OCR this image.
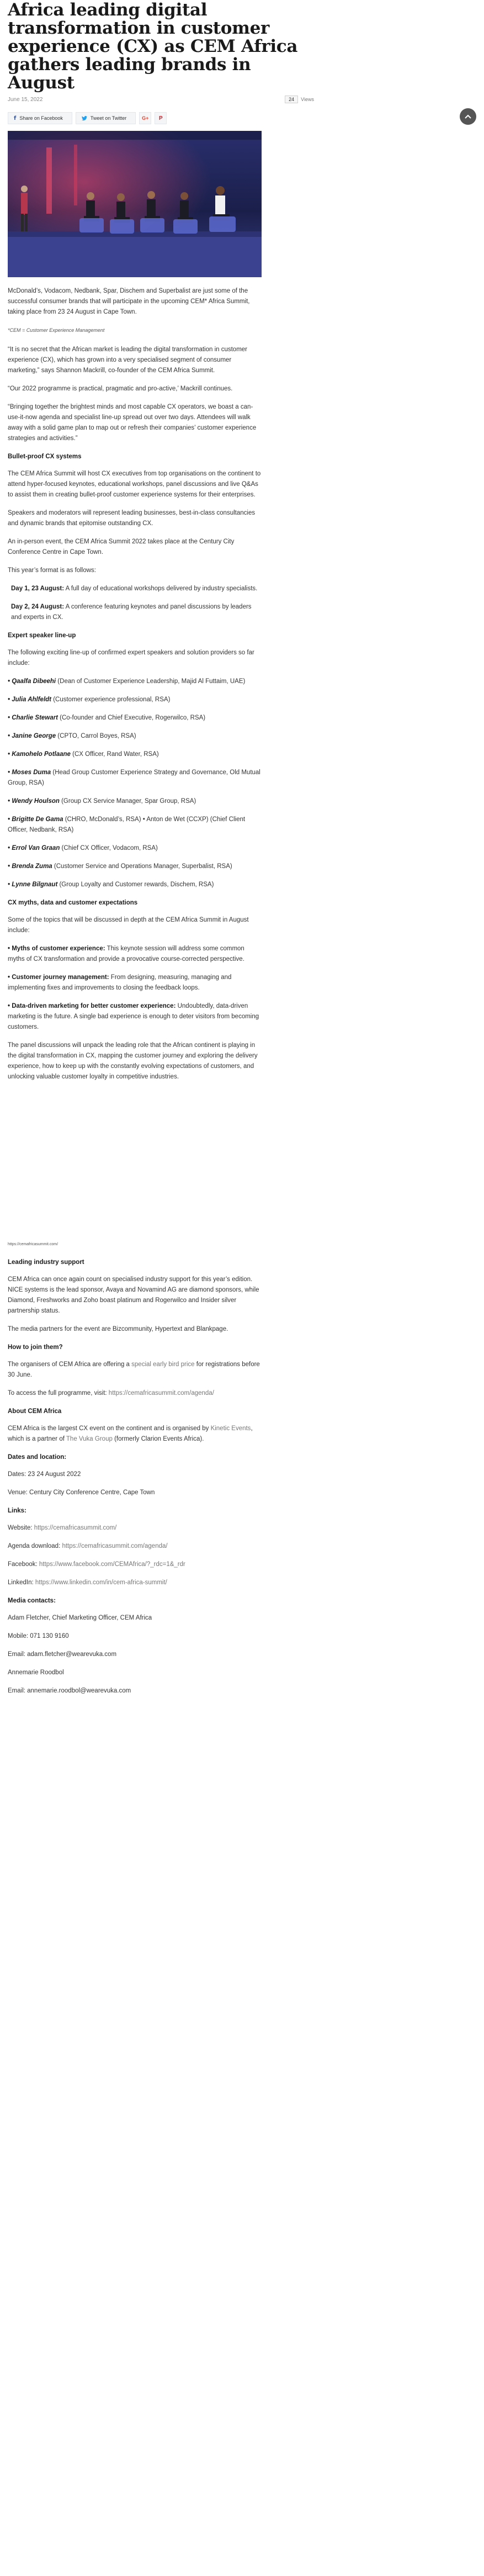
Africa leading digital transformation in customer experience (CX) as CEM Africa gathers leading brands in August
June 15, 2022	24	Views
f Share on Facebook	Tweet on Twitter	G+ P

McDonald’s, Vodacom, Nedbank, Spar, Dischem and Superbalist are just some of the successful consumer brands that will participate in the upcoming CEM* Africa Summit, taking place from 23 24 August in Cape Town.

*CEM = Customer Experience Management

“It is no secret that the African market is leading the digital transformation in customer experience (CX), which has grown into a very specialised segment of consumer marketing,” says Shannon Mackrill, co-founder of the CEM Africa Summit.

“Our 2022 programme is practical, pragmatic and pro-active,’ Mackrill continues.

“Bringing together the brightest minds and most capable CX operators, we boast a can-use-it-now agenda and specialist line-up spread out over two days. Attendees will walk away with a solid game plan to map out or refresh their companies’ customer experience strategies and activities.”

Bullet-proof CX systems

The CEM Africa Summit will host CX executives from top organisations on the continent to attend hyper-focused keynotes, educational workshops, panel discussions and live Q&As to assist them in creating bullet-proof customer experience systems for their enterprises.

Speakers and moderators will represent leading businesses, best-in-class consultancies and dynamic brands that epitomise outstanding CX.

An in-person event, the CEM Africa Summit 2022 takes place at the Century City Conference Centre in Cape Town.

This year’s format is as follows:

Day 1, 23 August: A full day of educational workshops delivered by industry specialists.

Day 2, 24 August: A conference featuring keynotes and panel discussions by leaders and experts in CX.

Expert speaker line-up

The following exciting line-up of confirmed expert speakers and solution providers so far include:

• Qaalfa Dibeehi (Dean of Customer Experience Leadership, Majid Al Futtaim, UAE)

• Julia Ahlfeldt (Customer experience professional, RSA)

• Charlie Stewart (Co-founder and Chief Executive, Rogerwilco, RSA)

• Janine George (CPTO, Carrol Boyes, RSA)

• Kamohelo Potlaane (CX Officer, Rand Water, RSA)

• Moses Duma (Head Group Customer Experience Strategy and Governance, Old Mutual Group, RSA)

• Wendy Houlson (Group CX Service Manager, Spar Group, RSA)

• Brigitte De Gama (CHRO, McDonald’s, RSA) • Anton de Wet (CCXP) (Chief Client Officer, Nedbank, RSA)

• Errol Van Graan (Chief CX Officer, Vodacom, RSA)

• Brenda Zuma (Customer Service and Operations Manager, Superbalist, RSA)

• Lynne Bilgnaut (Group Loyalty and Customer rewards, Dischem, RSA)

CX myths, data and customer expectations

Some of the topics that will be discussed in depth at the CEM Africa Summit in August include:

• Myths of customer experience: This keynote session will address some common myths of CX transformation and provide a provocative course-corrected perspective.

• Customer journey management: From designing, measuring, managing and implementing fixes and improvements to closing the feedback loops.

• Data-driven marketing for better customer experience: Undoubtedly, data-driven marketing is the future. A single bad experience is enough to deter visitors from becoming customers.

The panel discussions will unpack the leading role that the African continent is playing in the digital transformation in CX, mapping the customer journey and exploring the delivery experience, how to keep up with the constantly evolving expectations of customers, and unlocking valuable customer loyalty in competitive industries.

https://cemafricasummit.com/
Leading industry support

CEM Africa can once again count on specialised industry support for this year’s edition. NICE systems is the lead sponsor, Avaya and Novamind AG are diamond sponsors, while Diamond, Freshworks and Zoho boast platinum and Rogerwilco and Insider silver partnership status.

The media partners for the event are Bizcommunity, Hypertext and Blankpage.

How to join them?

The organisers of CEM Africa are offering a special early bird price for registrations before 30 June.

To access the full programme, visit: https://cemafricasummit.com/agenda/

About CEM Africa

CEM Africa is the largest CX event on the continent and is organised by Kinetic Events, which is a partner of The Vuka Group (formerly Clarion Events Africa).

Dates and location:

Dates: 23 24 August 2022

Venue: Century City Conference Centre, Cape Town

Links:

Website: https://cemafricasummit.com/

Agenda download: https://cemafricasummit.com/agenda/

Facebook: https://www.facebook.com/CEMAfrica/?_rdc=1&_rdr

LinkedIn: https://www.linkedin.com/in/cem-africa-summit/

Media contacts:

Adam Fletcher, Chief Marketing Officer, CEM Africa

Mobile: 071 130 9160

Email: adam.fletcher@wearevuka.com

Annemarie Roodbol

Email: annemarie.roodbol@wearevuka.com
